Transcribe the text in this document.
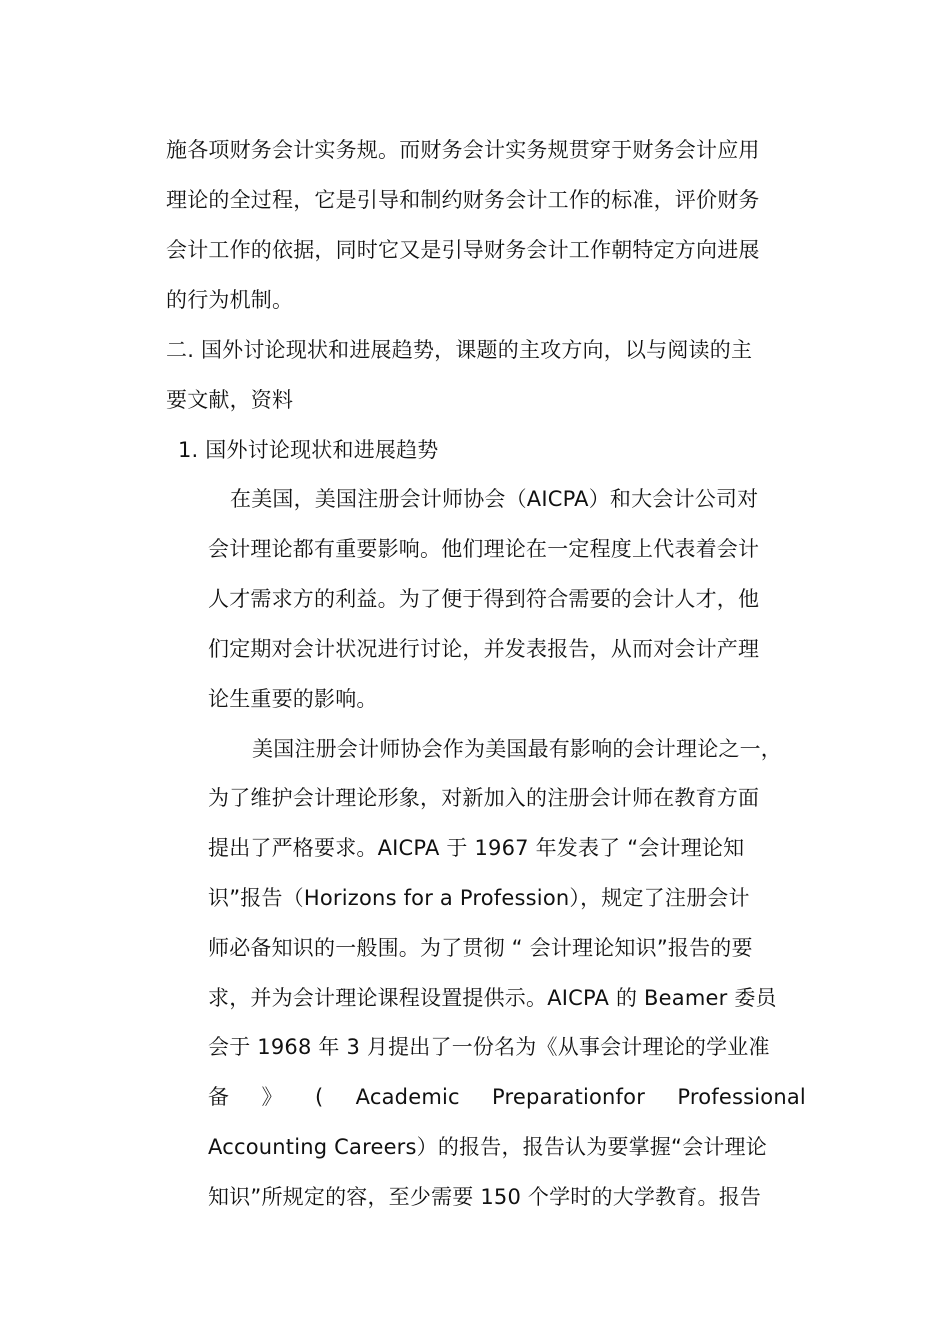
施各项财务会计实务规。而财务会计实务规贯穿于财务会计应用
理论的全过程，它是引导和制约财务会计工作的标准，评价财务
会计工作的依据，同时它又是引导财务会计工作朝特定方向进展
的行为机制。
二. 国外讨论现状和进展趋势，课题的主攻方向，以与阅读的主
要文献，资料
1. 国外讨论现状和进展趋势
在美国，美国注册会计师协会（AICPA）和大会计公司对
会计理论都有重要影响。他们理论在一定程度上代表着会计
人才需求方的利益。为了便于得到符合需要的会计人才，他
们定期对会计状况进行讨论，并发表报告，从而对会计产理
论生重要的影响。
美国注册会计师协会作为美国最有影响的会计理论之一，
为了维护会计理论形象，对新加入的注册会计师在教育方面
提出了严格要求。AICPA 于 1967 年发表了 “会计理论知
识”报告（Horizons for a Profession），规定了注册会计
师必备知识的一般围。为了贯彻 “ 会计理论知识”报告的要
求，并为会计理论课程设置提供示。AICPA 的 Beamer 委员
会于 1968 年 3 月提出了一份名为《从事会计理论的学业准
备 》 ( Academic Preparationfor Professional
Accounting Careers）的报告，报告认为要掌握“会计理论
知识”所规定的容，至少需要 150 个学时的大学教育。报告
